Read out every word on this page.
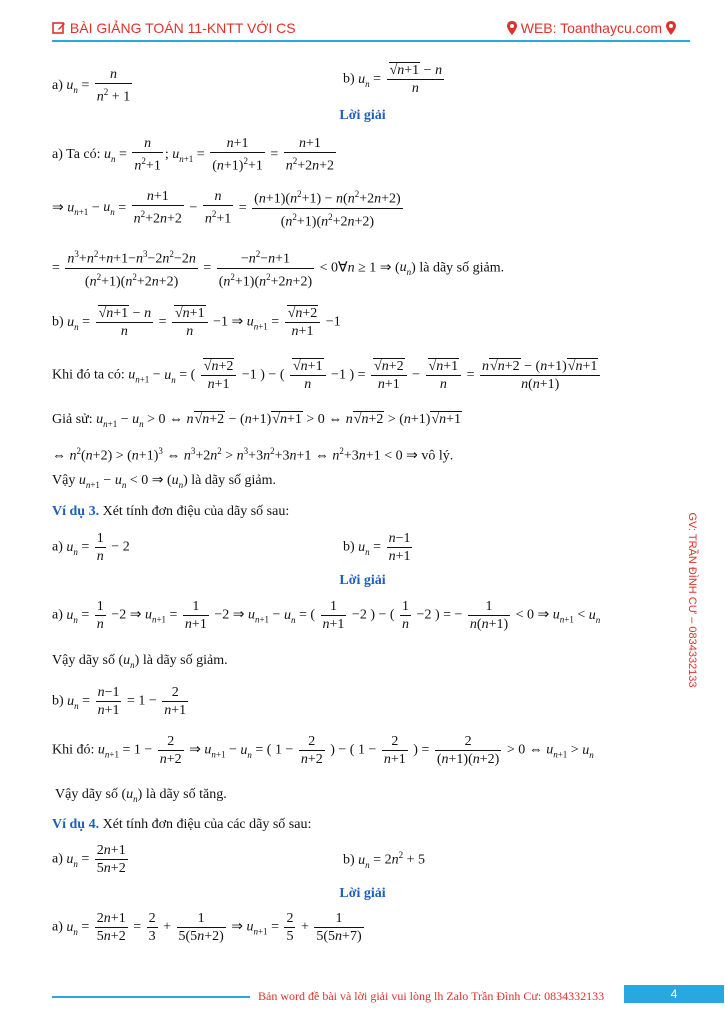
BÀI GIẢNG TOÁN 11-KNTT VỚI CS	WEB: Toanthaycu.com
GV: TRẦN ĐÌNH CƯ – 0834332133
a) $u_n = \frac{n}{n^2 + 1}$	b) $u_n = \frac{√n+1 - n}{n}$
Lời giải
a) Ta có: $u_n = \frac{n}{n^2+1}$ ; $u_{n+1} = \frac{n+1}{(n+1)^2+1} = \frac{n+1}{n^2+2n+2}$
⇒ $u_{n+1} - u_n = \frac{n+1}{n^2+2n+2} - \frac{n}{n^2+1} = \frac{(n+1)(n^2+1) - n(n^2+2n+2)}{(n^2+1)(n^2+2n+2)}$
= $\frac{n^3+n^2+n+1-n^3-2n^2-2n}{(n^2+1)(n^2+2n+2)} = \frac{-n^2-n+1}{(n^2+1)(n^2+2n+2)}$ < 0∀n ≥ 1 ⇒ $(u_n)$ là dãy số giảm.
b) $u_n = \frac{√n+1 - n}{n} = \frac{√n+1}{n} -1$ ⇒ $u_{n+1} = \frac{√n+2}{n+1} -1$
Khi đó ta có: $u_{n+1} - u_n$ = ( $\frac{√n+2}{n+1} -1$ ) − ( $\frac{√n+1}{n} -1$ ) = $\frac{√n+2}{n+1} - \frac{√n+1}{n} = \frac{n√n+2 - (n+1)√n+1}{n(n+1)}$
Giả sử: $u_{n+1} - u_n > 0$ ⇔ n√n+2 − (n+1)√n+1 > 0 ⇔ n√n+2 > (n+1)√n+1
⇔ $n^2(n+2) > (n+1)^3$ ⇔ $n^3+2n^2 > n^3+3n^2+3n+1$ ⇔ $n^2+3n+1 < 0$ ⇒ vô lý.
Vậy $u_{n+1} - u_n < 0$ ⇒ $(u_n)$ là dãy số giảm.
Ví dụ 3. Xét tính đơn điệu của dãy số sau:
a) $u_n = \frac{1}{n} - 2$	b) $u_n = \frac{n-1}{n+1}$
Lời giải
a) $u_n = \frac{1}{n} -2$ ⇒ $u_{n+1} = \frac{1}{n+1} -2$ ⇒ $u_{n+1} - u_n$ = ( $\frac{1}{n+1} -2$ ) − ( $\frac{1}{n} -2$ ) = − $\frac{1}{n(n+1)} < 0$ ⇒ $u_{n+1} < u_n$
Vậy dãy số $(u_n)$ là dãy số giảm.
b) $u_n = \frac{n-1}{n+1} = 1 - \frac{2}{n+1}$
Khi đó: $u_{n+1} = 1 - \frac{2}{n+2}$ ⇒ $u_{n+1} - u_n$ = ( $1 - \frac{2}{n+2}$ ) − ( $1 - \frac{2}{n+1}$ ) = $\frac{2}{(n+1)(n+2)} > 0$ ⇔ $u_{n+1} > u_n$
Vậy dãy số $(u_n)$ là dãy số tăng.
Ví dụ 4. Xét tính đơn điệu của các dãy số sau:
a) $u_n = \frac{2n+1}{5n+2}$	b) $u_n = 2n^2 + 5$
Lời giải
a) $u_n = \frac{2n+1}{5n+2} = \frac{2}{3} + \frac{1}{5(5n+2)}$ ⇒ $u_{n+1} = \frac{2}{5} + \frac{1}{5(5n+7)}$
Bản word đề bài và lời giải vui lòng lh Zalo Trần Đình Cư: 0834332133	4
